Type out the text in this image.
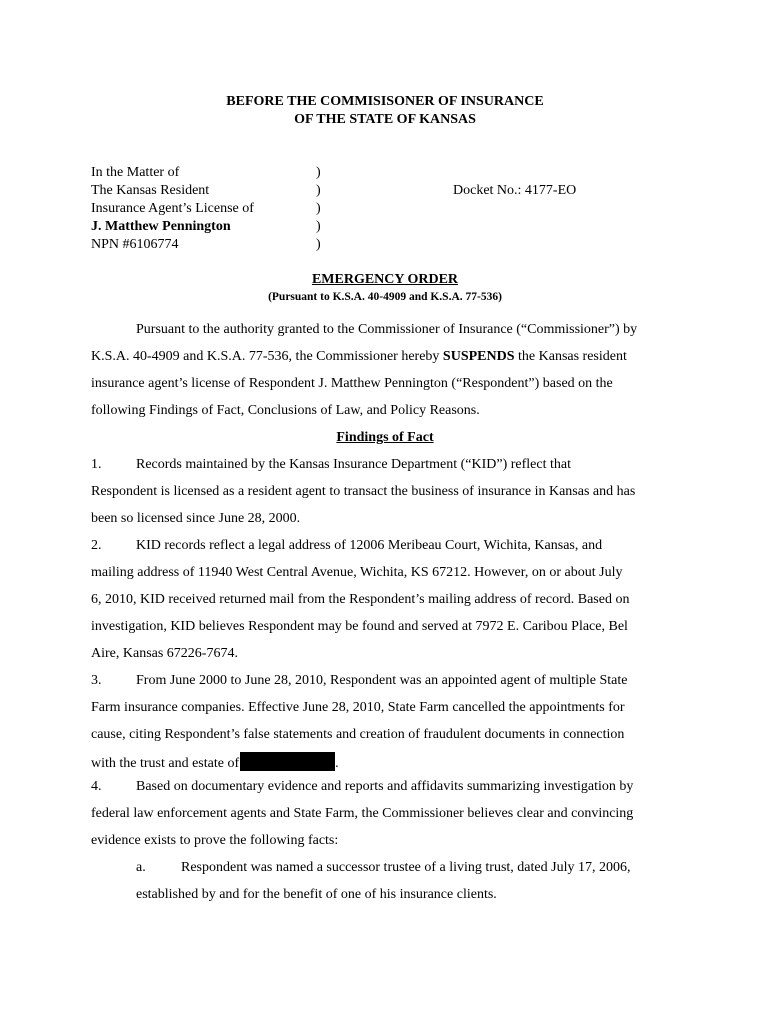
BEFORE THE COMMISISONER OF INSURANCE
OF THE STATE OF KANSAS
In the Matter of
The Kansas Resident
Insurance Agent’s License of
J. Matthew Pennington
NPN #6106774
)
)
)
)
)
Docket No.: 4177-EO
EMERGENCY ORDER
(Pursuant to K.S.A. 40-4909 and K.S.A. 77-536)
Pursuant to the authority granted to the Commissioner of Insurance (“Commissioner”) by
K.S.A. 40-4909 and K.S.A. 77-536, the Commissioner hereby SUSPENDS the Kansas resident
insurance agent’s license of Respondent J. Matthew Pennington (“Respondent”) based on the
following Findings of Fact, Conclusions of Law, and Policy Reasons.
Findings of Fact
1. Records maintained by the Kansas Insurance Department (“KID”) reflect that
Respondent is licensed as a resident agent to transact the business of insurance in Kansas and has
been so licensed since June 28, 2000.
2. KID records reflect a legal address of 12006 Meribeau Court, Wichita, Kansas, and
mailing address of 11940 West Central Avenue, Wichita, KS 67212. However, on or about July
6, 2010, KID received returned mail from the Respondent’s mailing address of record. Based on
investigation, KID believes Respondent may be found and served at 7972 E. Caribou Place, Bel
Aire, Kansas 67226-7674.
3. From June 2000 to June 28, 2010, Respondent was an appointed agent of multiple State
Farm insurance companies. Effective June 28, 2010, State Farm cancelled the appointments for
cause, citing Respondent’s false statements and creation of fraudulent documents in connection
with the trust and estate of	.
4. Based on documentary evidence and reports and affidavits summarizing investigation by
federal law enforcement agents and State Farm, the Commissioner believes clear and convincing
evidence exists to prove the following facts:
a.	Respondent was named a successor trustee of a living trust, dated July 17, 2006,
established by and for the benefit of one of his insurance clients.
